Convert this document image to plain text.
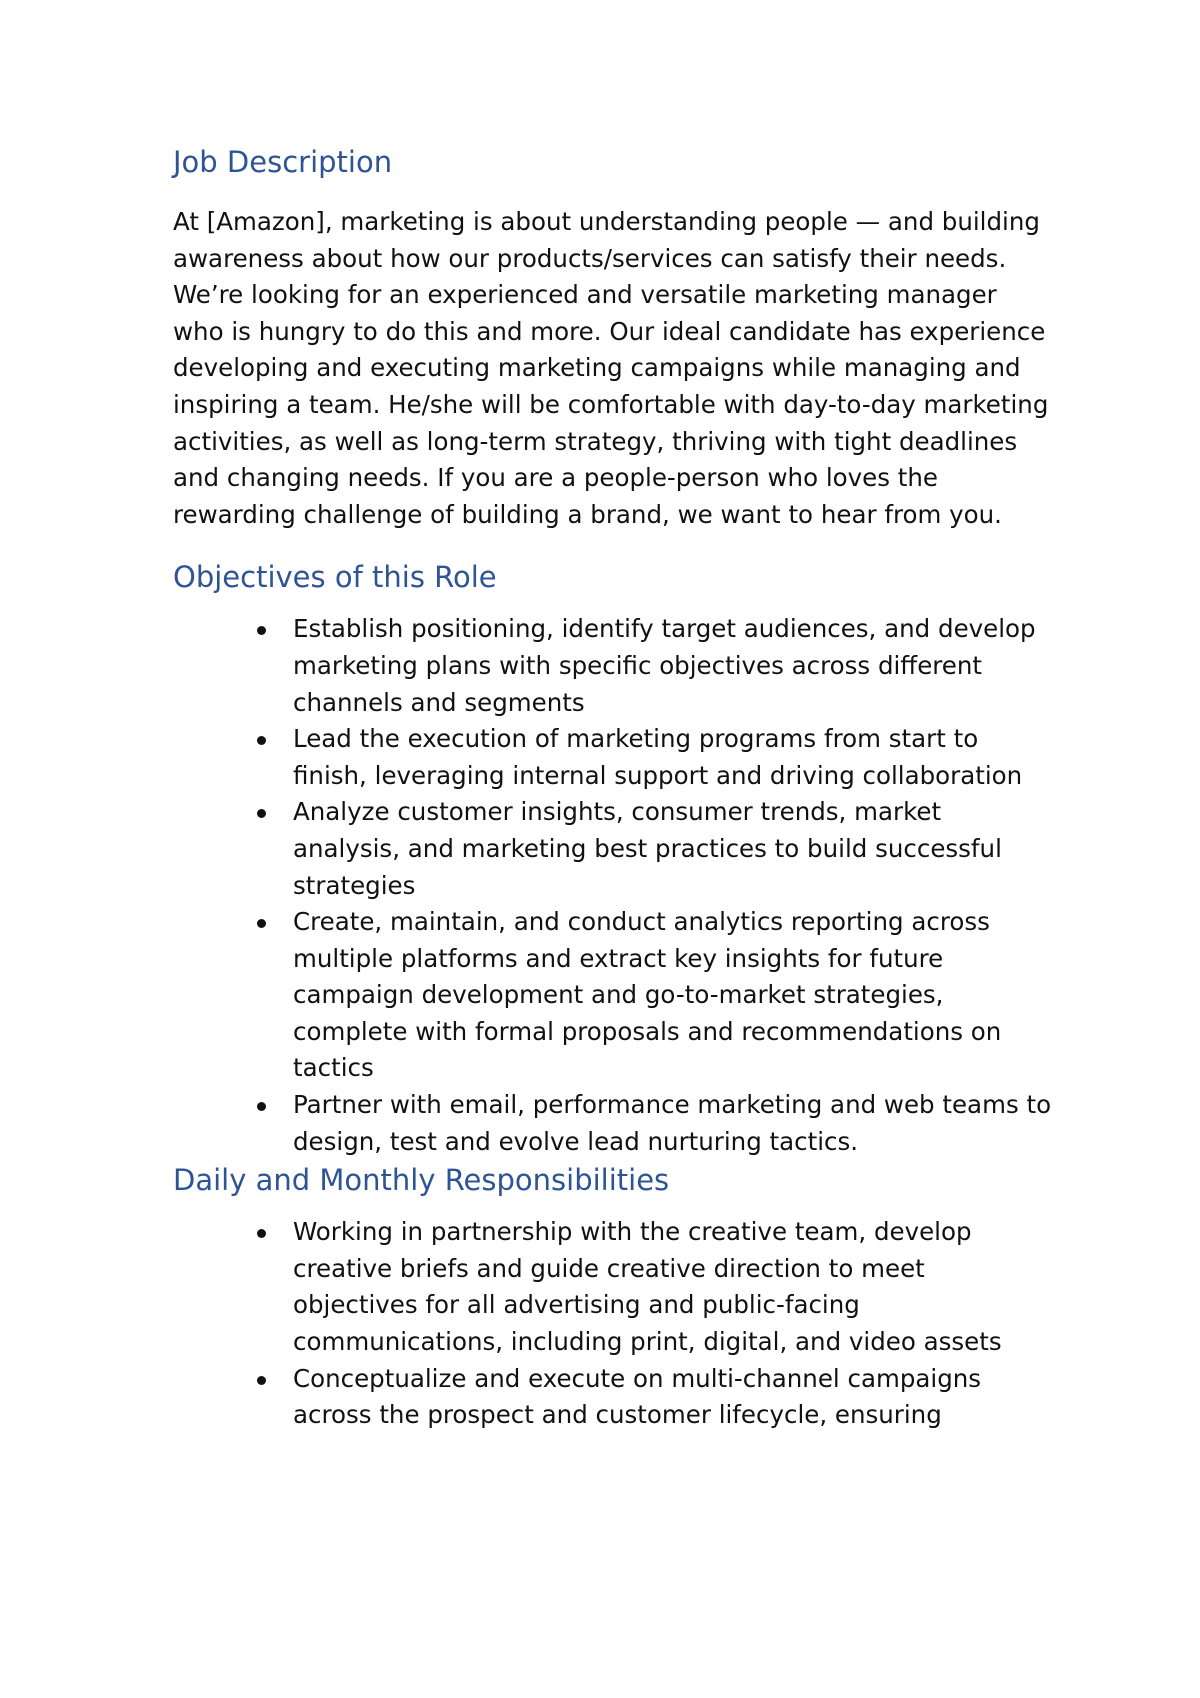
Job Description

At [Amazon], marketing is about understanding people — and building awareness about how our products/services can satisfy their needs. We’re looking for an experienced and versatile marketing manager who is hungry to do this and more. Our ideal candidate has experience developing and executing marketing campaigns while managing and inspiring a team. He/she will be comfortable with day-to-day marketing activities, as well as long-term strategy, thriving with tight deadlines and changing needs. If you are a people-person who loves the rewarding challenge of building a brand, we want to hear from you.

Objectives of this Role
Establish positioning, identify target audiences, and develop marketing plans with specific objectives across different channels and segments
Lead the execution of marketing programs from start to finish, leveraging internal support and driving collaboration
Analyze customer insights, consumer trends, market analysis, and marketing best practices to build successful strategies
Create, maintain, and conduct analytics reporting across multiple platforms and extract key insights for future campaign development and go-to-market strategies, complete with formal proposals and recommendations on tactics
Partner with email, performance marketing and web teams to design, test and evolve lead nurturing tactics.
Daily and Monthly Responsibilities
Working in partnership with the creative team, develop creative briefs and guide creative direction to meet objectives for all advertising and public-facing communications, including print, digital, and video assets
Conceptualize and execute on multi-channel campaigns across the prospect and customer lifecycle, ensuring
